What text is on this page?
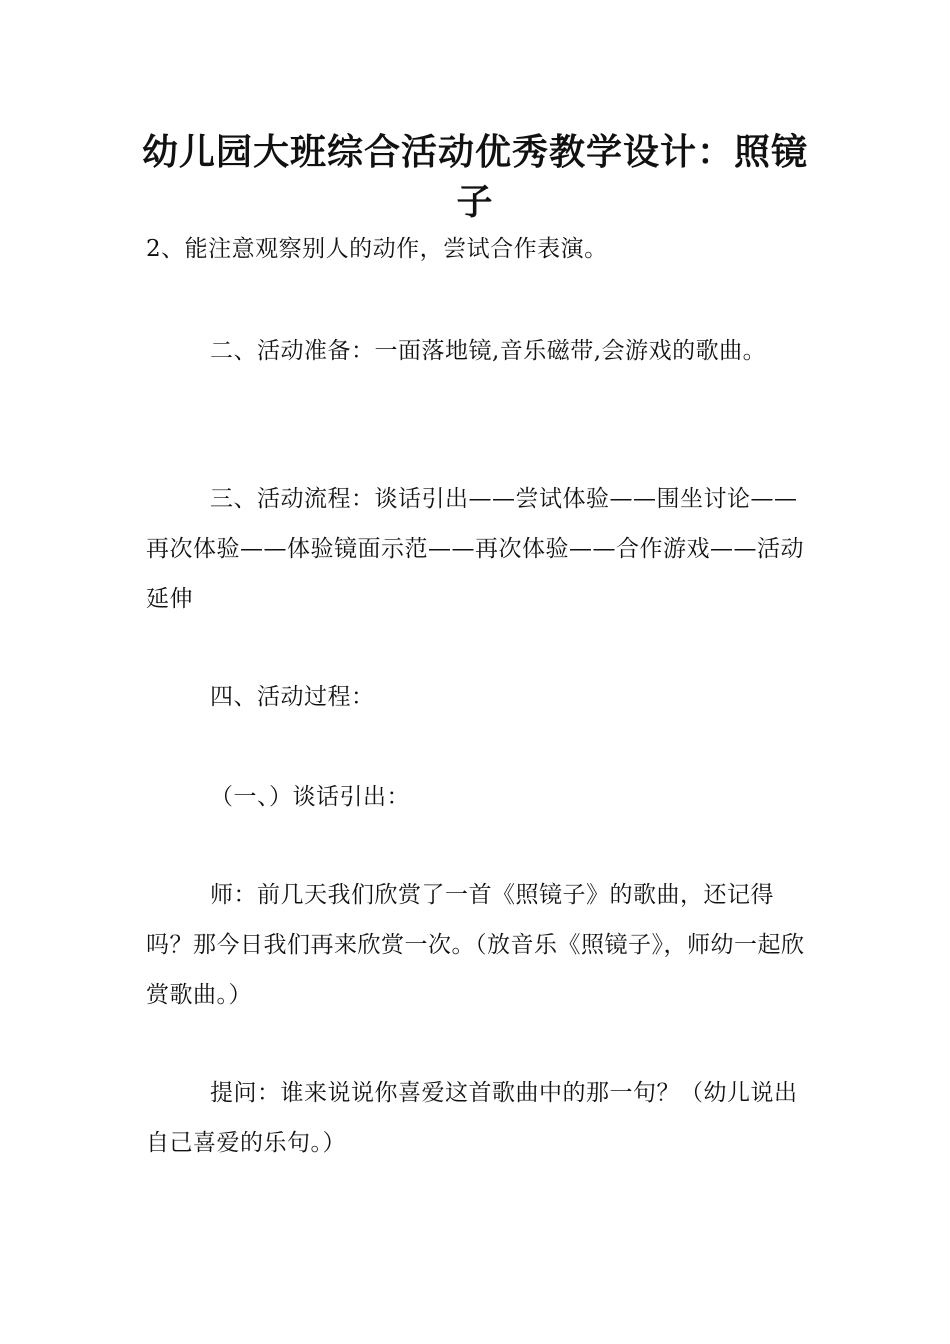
幼儿园大班综合活动优秀教学设计：照镜子
2、能注意观察别人的动作，尝试合作表演。
二、活动准备：一面落地镜,音乐磁带,会游戏的歌曲。
三、活动流程：谈话引出——尝试体验——围坐讨论——再次体验——体验镜面示范——再次体验——合作游戏——活动延伸
四、活动过程：
（一、）谈话引出：
师：前几天我们欣赏了一首《照镜子》的歌曲，还记得吗？那今日我们再来欣赏一次。（放音乐《照镜子》，师幼一起欣赏歌曲。）
提问：谁来说说你喜爱这首歌曲中的那一句？（幼儿说出自己喜爱的乐句。）
